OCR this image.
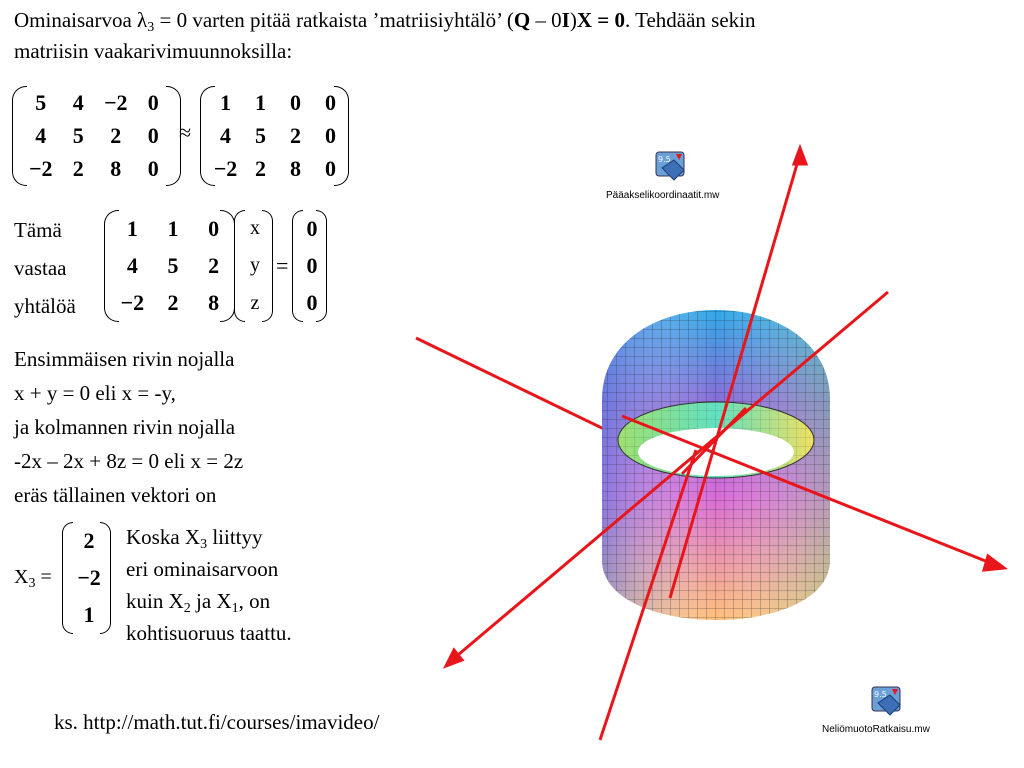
Ominaisarvoa $\lambda_3 = 0$ varten pitää ratkaista ’matriisiyhtälö’ (Q – 0I)X = 0. Tehdään sekin
matriisin vaakarivimuunnoksilla:
5	4 −2 0
4	5	2	0
−2 2	8	0
≈
1	1	0	0
4	5	2	0
−2 2	8	0
Tämä
vastaa
yhtälöä
1	1	0
4	5	2
−2	2	8
x
y
z
=
0
0
0
Ensimmäisen rivin nojalla
x + y = 0 eli x = -y,
ja kolmannen rivin nojalla
-2x – 2x + 8z = 0 eli x = 2z
eräs tällainen vektori on
$X_3$ =
2
−2
1
Koska $X_3$ liittyy
eri ominaisarvoon
kuin $X_2$ ja $X_1$, on
kohtisuoruus taattu.
ks. http://math.tut.fi/courses/imavideo/
9.5
Pääakselikoordinaatit.mw
9.5
NeliömuotoRatkaisu.mw
